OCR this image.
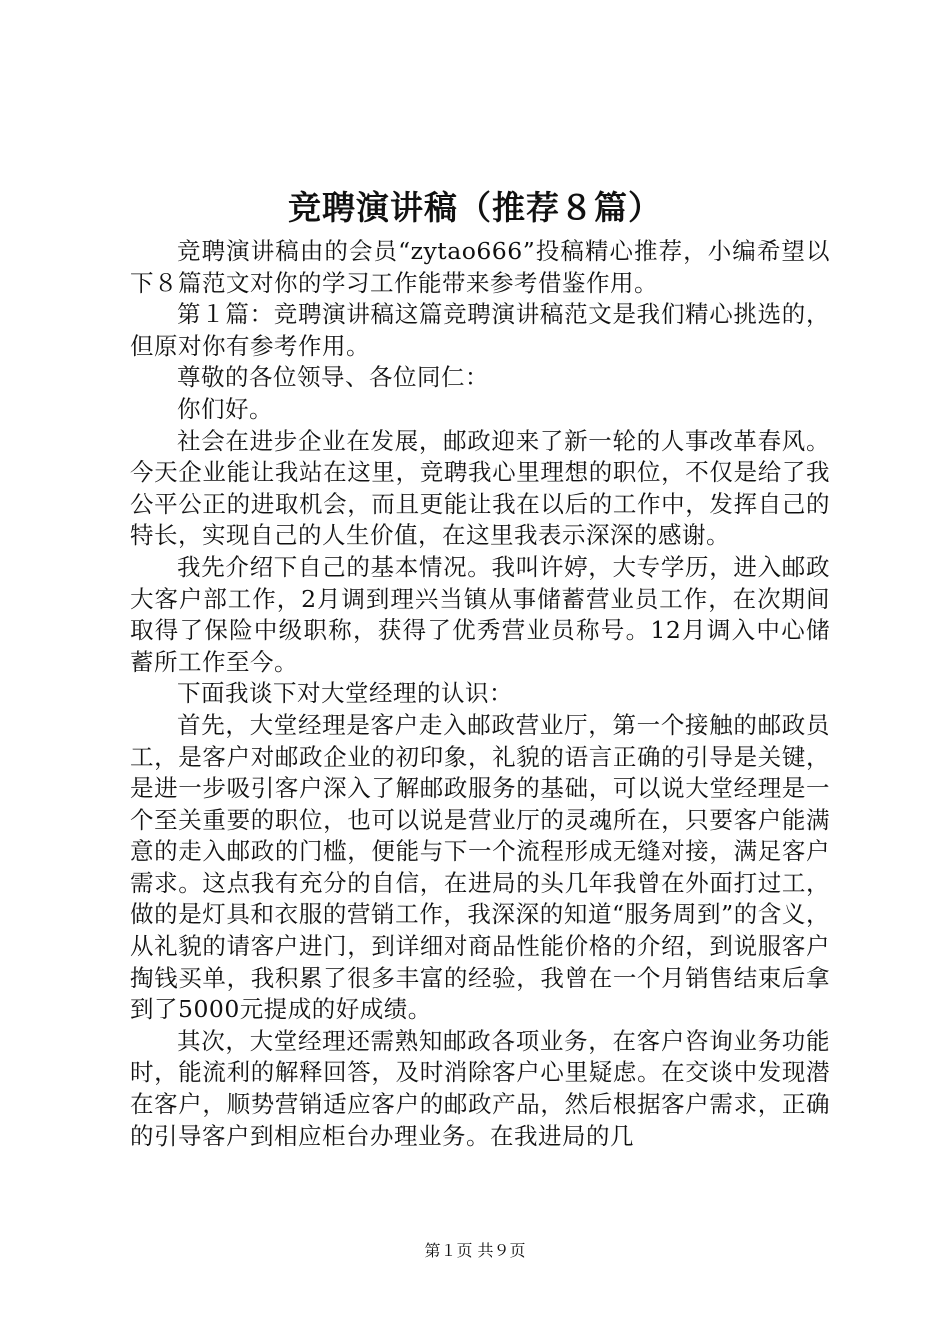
竞聘演讲稿（推荐８篇）

竞聘演讲稿由的会员“zytao666”投稿精心推荐，小编希望以下８篇范文对你的学习工作能带来参考借鉴作用。

第１篇：竞聘演讲稿这篇竞聘演讲稿范文是我们精心挑选的，但原对你有参考作用。

尊敬的各位领导、各位同仁：

你们好。

社会在进步企业在发展，邮政迎来了新一轮的人事改革春风。今天企业能让我站在这里，竞聘我心里理想的职位，不仅是给了我公平公正的进取机会，而且更能让我在以后的工作中，发挥自己的特长，实现自己的人生价值，在这里我表示深深的感谢。

我先介绍下自己的基本情况。我叫许婷，大专学历，进入邮政大客户部工作，2月调到理兴当镇从事储蓄营业员工作，在次期间取得了保险中级职称，获得了优秀营业员称号。12月调入中心储蓄所工作至今。

下面我谈下对大堂经理的认识：

首先，大堂经理是客户走入邮政营业厅，第一个接触的邮政员工，是客户对邮政企业的初印象，礼貌的语言正确的引导是关键，是进一步吸引客户深入了解邮政服务的基础，可以说大堂经理是一个至关重要的职位，也可以说是营业厅的灵魂所在，只要客户能满意的走入邮政的门槛，便能与下一个流程形成无缝对接，满足客户需求。这点我有充分的自信，在进局的头几年我曾在外面打过工，做的是灯具和衣服的营销工作，我深深的知道“服务周到”的含义，从礼貌的请客户进门，到详细对商品性能价格的介绍，到说服客户掏钱买单，我积累了很多丰富的经验，我曾在一个月销售结束后拿到了5000元提成的好成绩。

其次，大堂经理还需熟知邮政各项业务，在客户咨询业务功能时，能流利的解释回答，及时消除客户心里疑虑。在交谈中发现潜在客户，顺势营销适应客户的邮政产品，然后根据客户需求，正确的引导客户到相应柜台办理业务。在我进局的几

第１页 共９页
